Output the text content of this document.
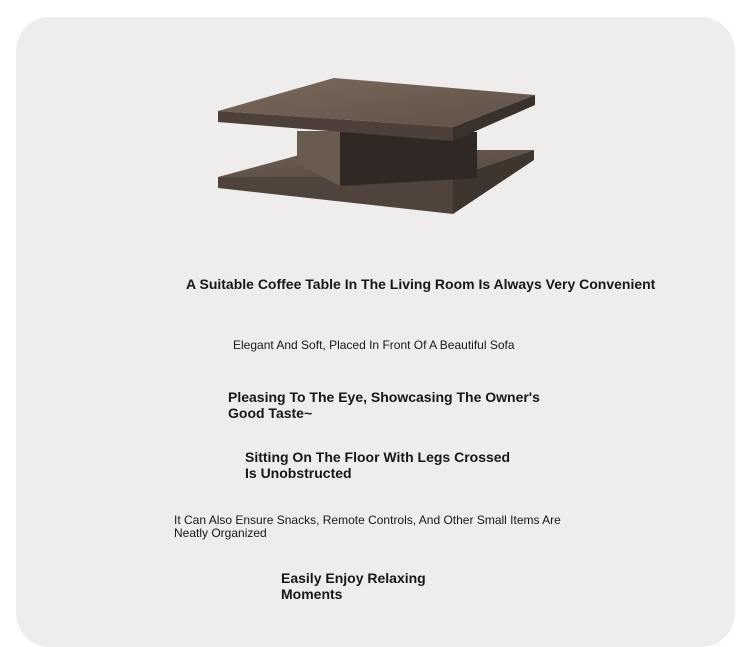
A Suitable Coffee Table In The Living Room Is Always Very Convenient

Elegant And Soft, Placed In Front Of A Beautiful Sofa

Pleasing To The Eye, Showcasing The Owner's Good Taste~

Sitting On The Floor With Legs Crossed Is Unobstructed

It Can Also Ensure Snacks, Remote Controls, And Other Small Items Are Neatly Organized

Easily Enjoy Relaxing Moments
